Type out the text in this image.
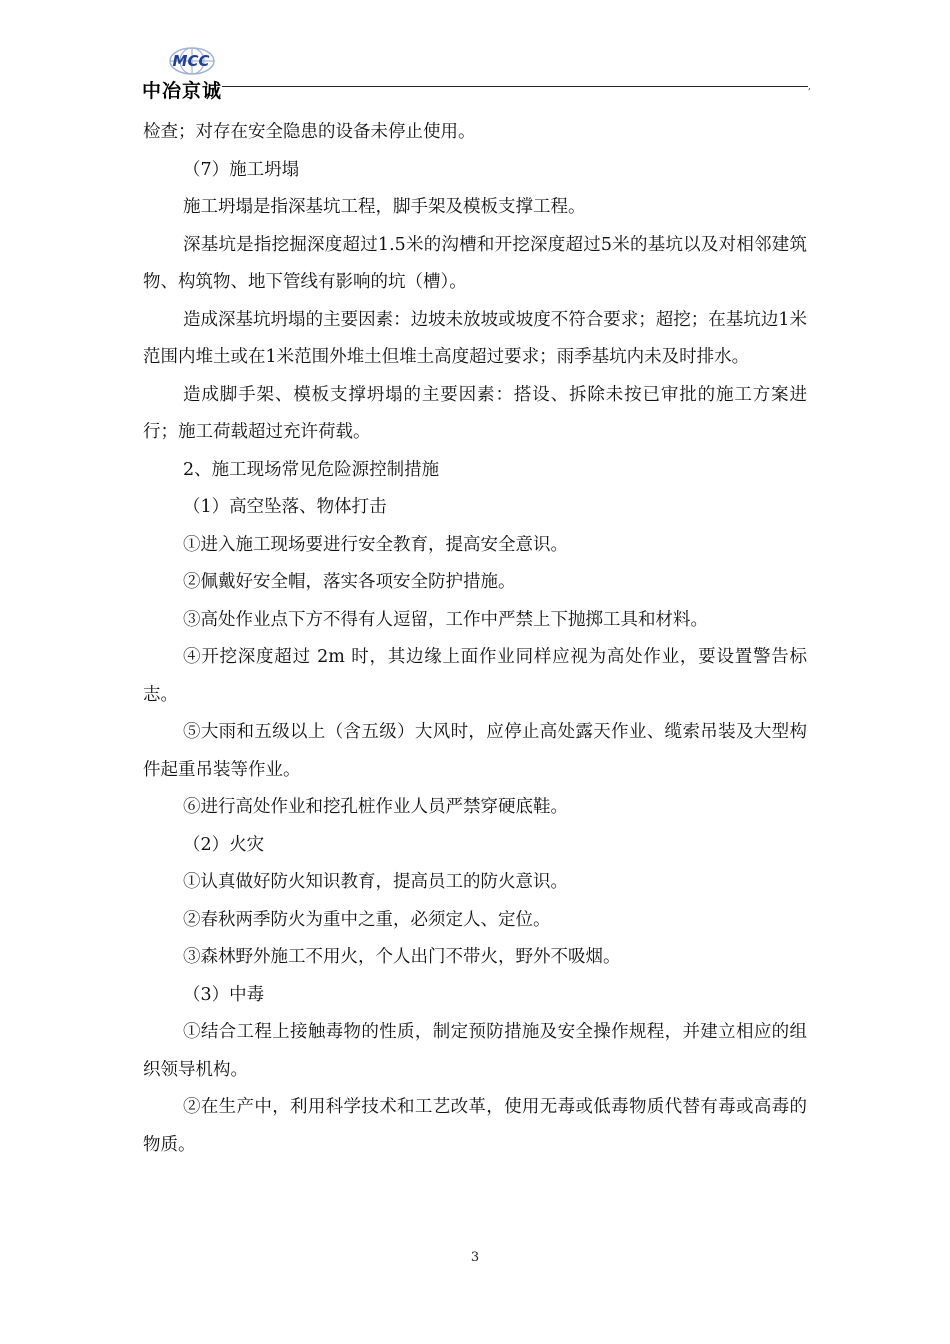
MCC
中冶京诚	,

检查；对存在安全隐患的设备未停止使用。

（7）施工坍塌

施工坍塌是指深基坑工程，脚手架及模板支撑工程。

深基坑是指挖掘深度超过1.5米的沟槽和开挖深度超过5米的基坑以及对相邻建筑物、构筑物、地下管线有影响的坑（槽）。

造成深基坑坍塌的主要因素：边坡未放坡或坡度不符合要求；超挖；在基坑边1米范围内堆土或在1米范围外堆土但堆土高度超过要求；雨季基坑内未及时排水。

造成脚手架、模板支撑坍塌的主要因素：搭设、拆除未按已审批的施工方案进行；施工荷载超过充许荷载。

2、施工现场常见危险源控制措施

（1）高空坠落、物体打击

①进入施工现场要进行安全教育，提高安全意识。

②佩戴好安全帽，落实各项安全防护措施。

③高处作业点下方不得有人逗留，工作中严禁上下抛掷工具和材料。

④开挖深度超过 2m 时，其边缘上面作业同样应视为高处作业，要设置警告标志。

⑤大雨和五级以上（含五级）大风时，应停止高处露天作业、缆索吊装及大型构件起重吊装等作业。

⑥进行高处作业和挖孔桩作业人员严禁穿硬底鞋。

（2）火灾

①认真做好防火知识教育，提高员工的防火意识。

②春秋两季防火为重中之重，必须定人、定位。

③森林野外施工不用火，个人出门不带火，野外不吸烟。

（3）中毒

①结合工程上接触毒物的性质，制定预防措施及安全操作规程，并建立相应的组织领导机构。

②在生产中，利用科学技术和工艺改革，使用无毒或低毒物质代替有毒或高毒的物质。

3
